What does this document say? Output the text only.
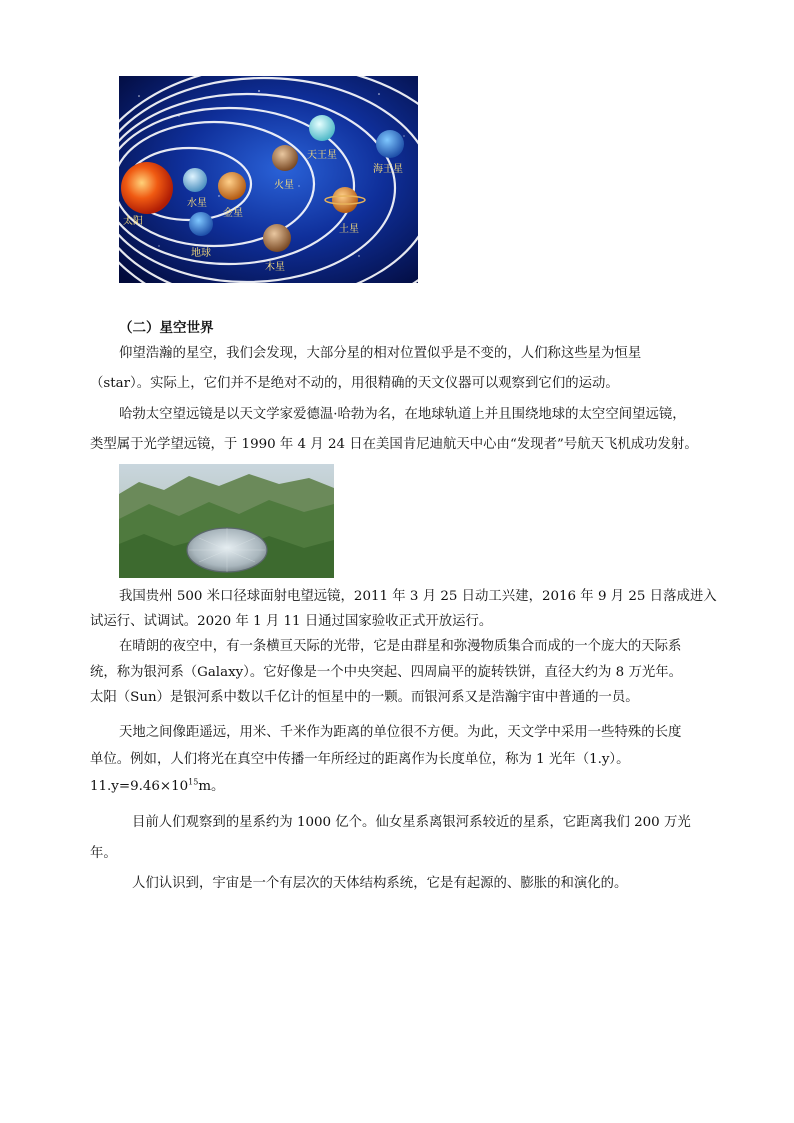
太阳
水星
金星
地球
火星
木星
土星
天王星
海王星
（二）星空世界
仰望浩瀚的星空，我们会发现，大部分星的相对位置似乎是不变的，人们称这些星为恒星
（star）。实际上，它们并不是绝对不动的，用很精确的天文仪器可以观察到它们的运动。
哈勃太空望远镜是以天文学家爱德温·哈勃为名，在地球轨道上并且围绕地球的太空空间望远镜，
类型属于光学望远镜，于 1990 年 4 月 24 日在美国肯尼迪航天中心由“发现者”号航天飞机成功发射。
我国贵州 500 米口径球面射电望远镜，2011 年 3 月 25 日动工兴建，2016 年 9 月 25 日落成进入
试运行、试调试。2020 年 1 月 11 日通过国家验收正式开放运行。
在晴朗的夜空中，有一条横亘天际的光带，它是由群星和弥漫物质集合而成的一个庞大的天际系
统，称为银河系（Galaxy）。它好像是一个中央突起、四周扁平的旋转铁饼，直径大约为 8 万光年。
太阳（Sun）是银河系中数以千亿计的恒星中的一颗。而银河系又是浩瀚宇宙中普通的一员。
天地之间像距遥远，用米、千米作为距离的单位很不方便。为此，天文学中采用一些特殊的长度
单位。例如，人们将光在真空中传播一年所经过的距离作为长度单位，称为 1 光年（1.y）。
$11.y=9.46\times 10^{15}m$。
目前人们观察到的星系约为 1000 亿个。仙女星系离银河系较近的星系，它距离我们 200 万光
年。
人们认识到，宇宙是一个有层次的天体结构系统，它是有起源的、膨胀的和演化的。
